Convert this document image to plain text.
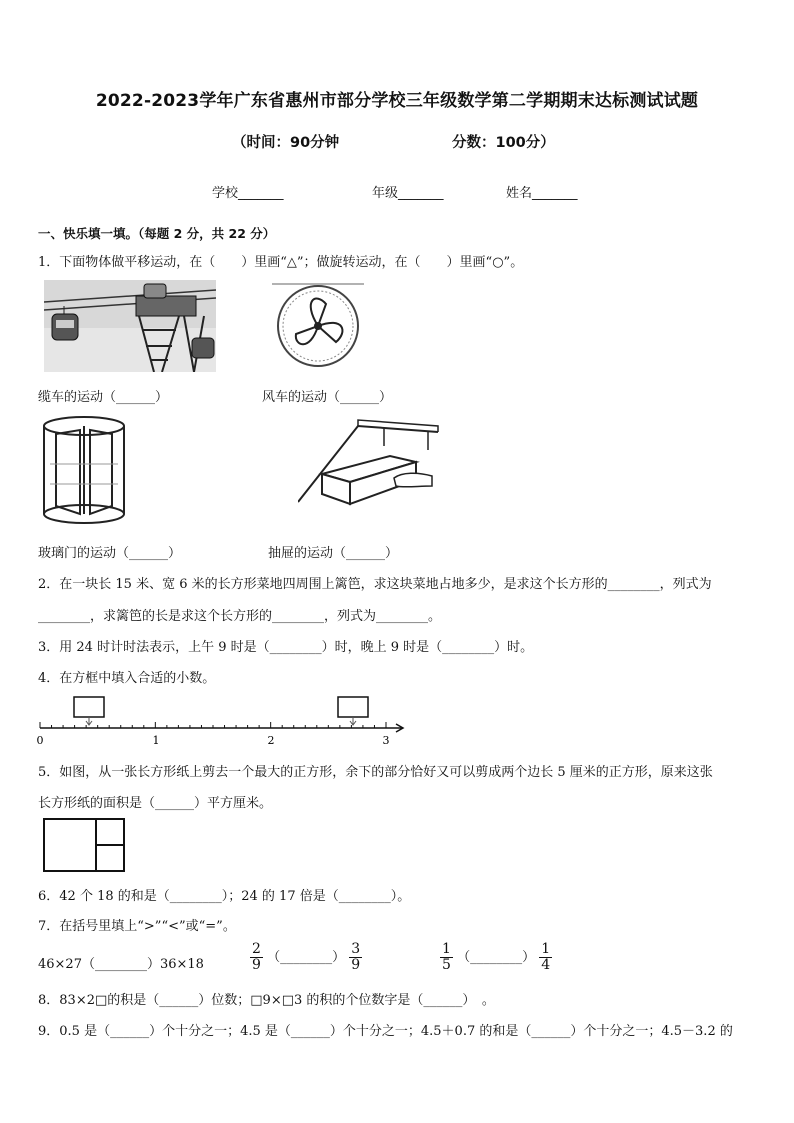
2022-2023学年广东省惠州市部分学校三年级数学第二学期期末达标测试试题
（时间：90分钟	分数：100分）
学校_______	年级_______	姓名_______
一、快乐填一填。（每题 2 分，共 22 分）
1．下面物体做平移运动，在（　　）里画“△”；做旋转运动，在（　　）里画“○”。
缆车的运动（______）	风车的运动（______）
玻璃门的运动（______）	抽屉的运动（______）
2．在一块长 15 米、宽 6 米的长方形菜地四周围上篱笆，求这块菜地占地多少，是求这个长方形的________，列式为
________，求篱笆的长是求这个长方形的________，列式为________。
3．用 24 时计时法表示，上午 9 时是（________）时，晚上 9 时是（________）时。
4．在方框中填入合适的小数。
0	1	2	3
5．如图，从一张长方形纸上剪去一个最大的正方形，余下的部分恰好又可以剪成两个边长 5 厘米的正方形，原来这张
长方形纸的面积是（______）平方厘米。
6．42 个 18 的和是（________）；24 的 17 倍是（________）。
7．在括号里填上“>”“<”或“=”。
46×27（________）36×18	$\frac{2}{9}$ （________） $\frac{3}{9}$	$\frac{1}{5}$ （________） $\frac{1}{4}$
8．83×2□的积是（______）位数；□9×□3 的积的个位数字是（______）　。
9．0.5 是（______）个十分之一；4.5 是（______）个十分之一；4.5＋0.7 的和是（______）个十分之一；4.5－3.2 的
